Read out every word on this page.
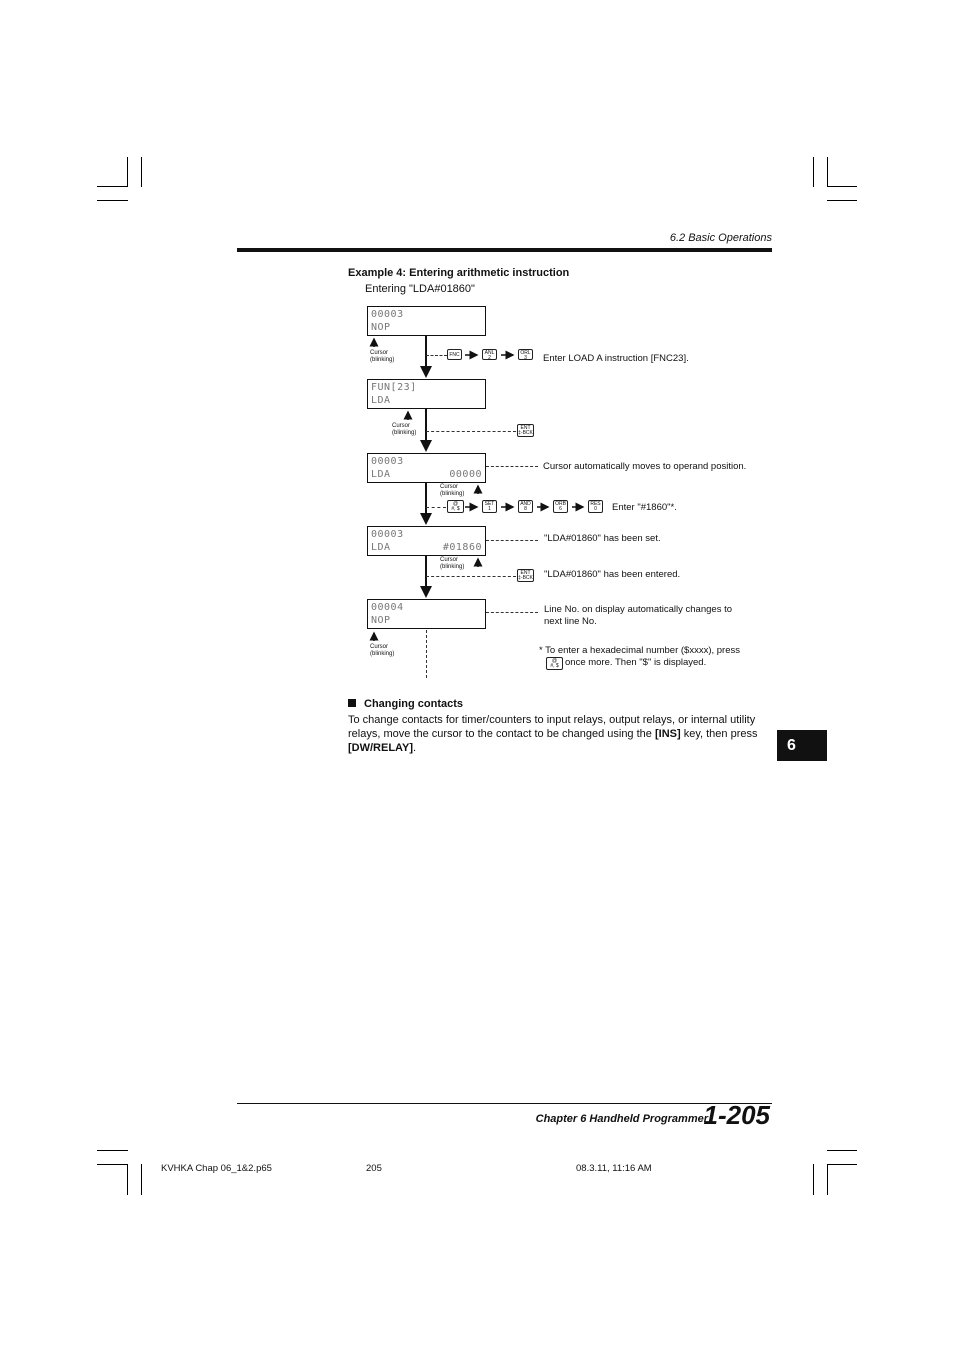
6.2 Basic Operations
Example 4: Entering arithmetic instruction
Entering "LDA#01860"
00003
NOP
FUN[23]
LDA
00003
LDA	00000
00003
LDA	#01860
00004
NOP
Cursor
(blinking)
Cursor
(blinking)
Cursor
(blinking)
Cursor
(blinking)
Cursor
(blinking)
FNC	ANL
2
ORL
3
ENT
‡-BCK
@
#, $
SET
1
AND
8
ORB
6
RES
0
ENT
‡-BCK
@
#, $
Enter LOAD A instruction [FNC23].
Cursor automatically moves to operand position.
Enter "#1860"*.
"LDA#01860" has been set.
"LDA#01860" has been entered.
Line No. on display automatically changes to
next line No.
* To enter a hexadecimal number ($xxxx), press
once more. Then "$" is displayed.
Changing contacts
To change contacts for timer/counters to input relays, output relays, or internal utility relays, move the cursor to the contact to be changed using the [INS] key, then press [DW/RELAY].	6
Chapter 6 Handheld Programmer
1-205
KVHKA Chap 06_1&2.p65	205	08.3.11, 11:16 AM
